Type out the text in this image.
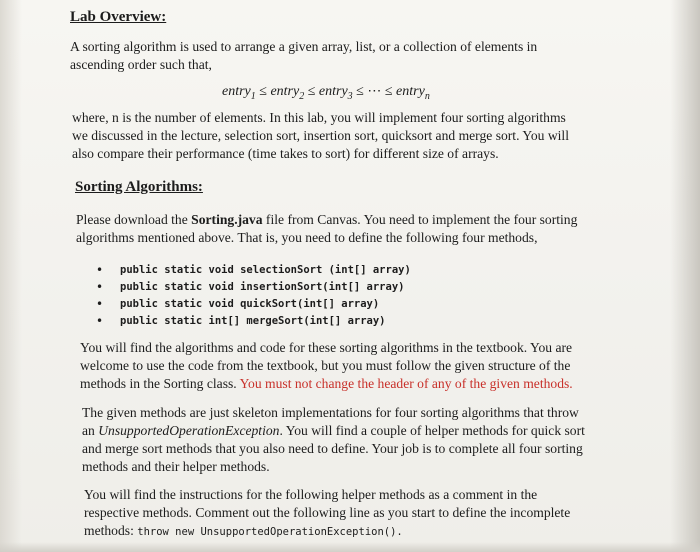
Lab Overview:
A sorting algorithm is used to arrange a given array, list, or a collection of elements in
ascending order such that,
entry$_1$ ≤ entry$_2$ ≤ entry$_3$ ≤ ⋯ ≤ entry$_n$
where, n is the number of elements. In this lab, you will implement four sorting algorithms
we discussed in the lecture, selection sort, insertion sort, quicksort and merge sort. You will
also compare their performance (time takes to sort) for different size of arrays.
Sorting Algorithms:
Please download the Sorting.java file from Canvas. You need to implement the four sorting
algorithms mentioned above. That is, you need to define the following four methods,
• public static void selectionSort (int[] array)
• public static void insertionSort(int[] array)
• public static void quickSort(int[] array)
• public static int[] mergeSort(int[] array)
You will find the algorithms and code for these sorting algorithms in the textbook. You are
welcome to use the code from the textbook, but you must follow the given structure of the
methods in the Sorting class. You must not change the header of any of the given methods.
The given methods are just skeleton implementations for four sorting algorithms that throw
an UnsupportedOperationException. You will find a couple of helper methods for quick sort
and merge sort methods that you also need to define. Your job is to complete all four sorting
methods and their helper methods.
You will find the instructions for the following helper methods as a comment in the
respective methods. Comment out the following line as you start to define the incomplete
methods: throw new UnsupportedOperationException().
